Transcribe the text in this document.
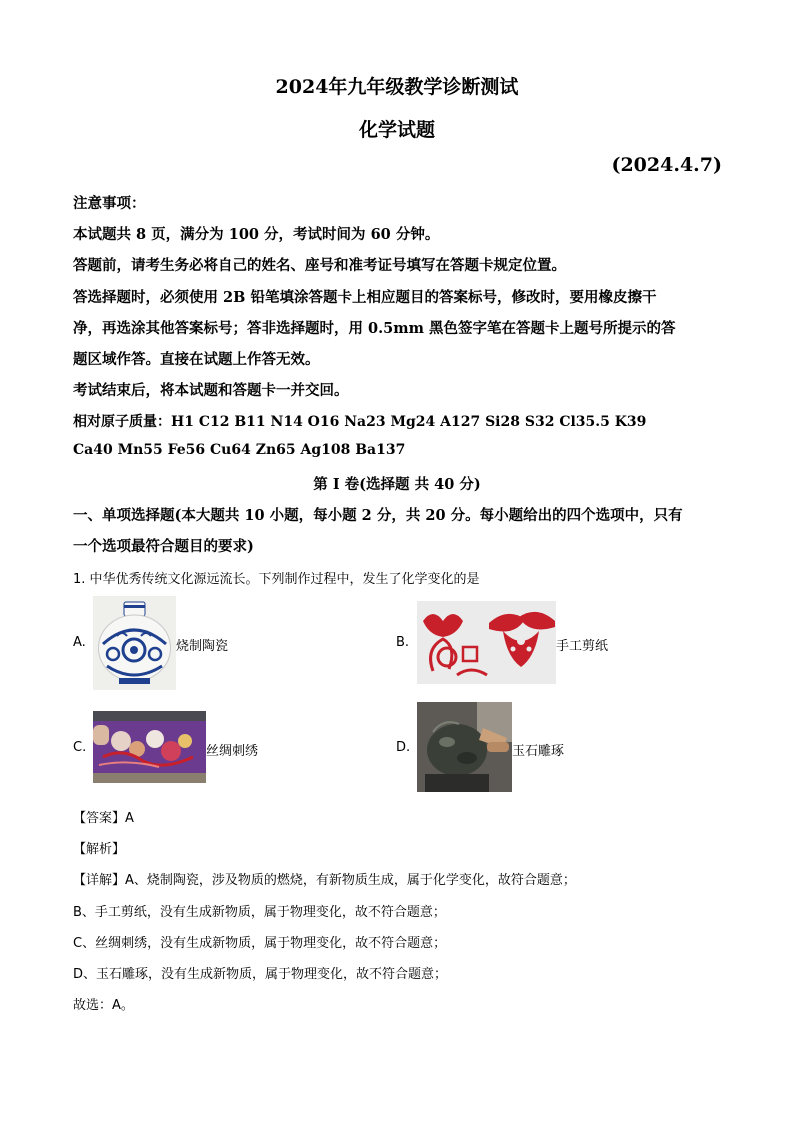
2024年九年级教学诊断测试
化学试题
(2024.4.7)
注意事项：
本试题共 8 页，满分为 100 分，考试时间为 60 分钟。
答题前，请考生务必将自己的姓名、座号和准考证号填写在答题卡规定位置。
答选择题时，必须使用 2B 铅笔填涂答题卡上相应题目的答案标号，修改时，要用橡皮擦干
净，再选涂其他答案标号；答非选择题时，用 0.5mm 黑色签字笔在答题卡上题号所提示的答
题区域作答。直接在试题上作答无效。
考试结束后，将本试题和答题卡一并交回。
相对原子质量：H1 C12 B11 N14 O16 Na23 Mg24 A127 Si28 S32 Cl35.5 K39
Ca40 Mn55 Fe56 Cu64 Zn65 Ag108 Ba137
第 I 卷(选择题 共 40 分)
一、单项选择题(本大题共 10 小题，每小题 2 分，共 20 分。每小题给出的四个选项中，只有
一个选项最符合题目的要求)
1. 中华优秀传统文化源远流长。下列制作过程中，发生了化学变化的是
A.	烧制陶瓷	B.	手工剪纸
C.	丝绸刺绣	D.	玉石雕琢
【答案】A
【解析】
【详解】A、烧制陶瓷，涉及物质的燃烧，有新物质生成，属于化学变化，故符合题意；
B、手工剪纸，没有生成新物质，属于物理变化，故不符合题意；
C、丝绸刺绣，没有生成新物质，属于物理变化，故不符合题意；
D、玉石雕琢，没有生成新物质，属于物理变化，故不符合题意；
故选：A。
